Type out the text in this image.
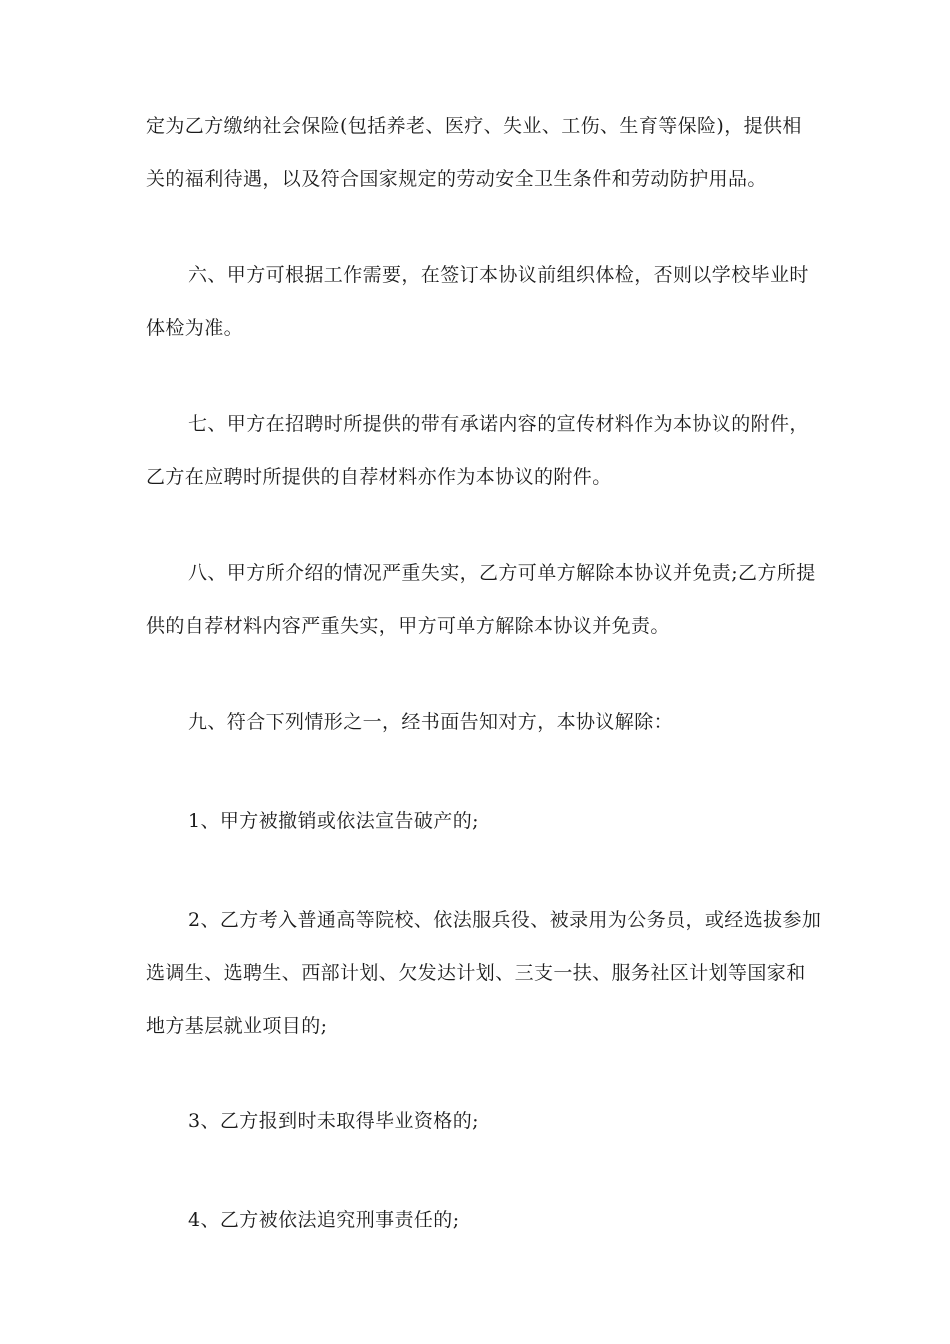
定为乙方缴纳社会保险(包括养老、医疗、失业、工伤、生育等保险)，提供相
关的福利待遇，以及符合国家规定的劳动安全卫生条件和劳动防护用品。

六、甲方可根据工作需要，在签订本协议前组织体检，否则以学校毕业时
体检为准。

七、甲方在招聘时所提供的带有承诺内容的宣传材料作为本协议的附件，
乙方在应聘时所提供的自荐材料亦作为本协议的附件。

八、甲方所介绍的情况严重失实，乙方可单方解除本协议并免责;乙方所提
供的自荐材料内容严重失实，甲方可单方解除本协议并免责。

九、符合下列情形之一，经书面告知对方，本协议解除：

1、甲方被撤销或依法宣告破产的;

2、乙方考入普通高等院校、依法服兵役、被录用为公务员，或经选拔参加
选调生、选聘生、西部计划、欠发达计划、三支一扶、服务社区计划等国家和
地方基层就业项目的;

3、乙方报到时未取得毕业资格的;

4、乙方被依法追究刑事责任的;
